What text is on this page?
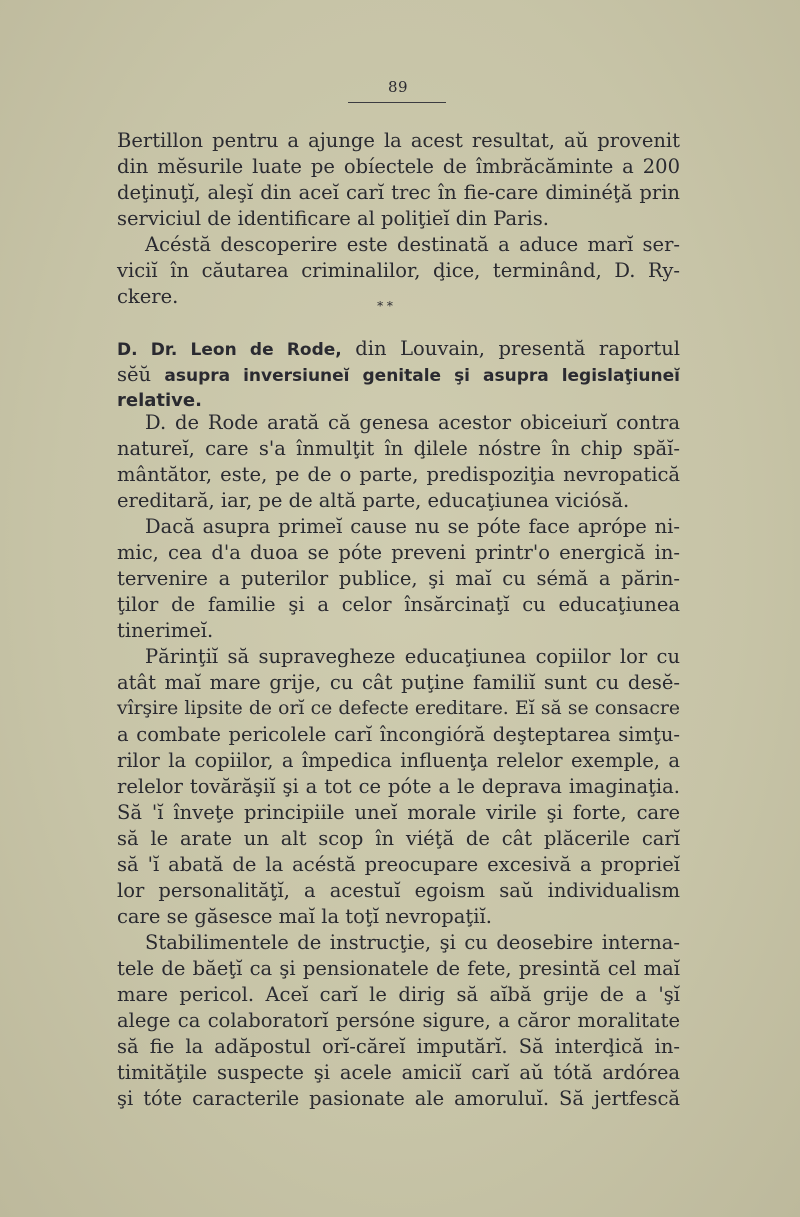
89
Bertillon pentru a ajunge la acest resultat, aŭ provenit
din mĕsurile luate pe obíectele de îmbrăcăminte a 200
deţinuţĭ, aleşĭ din aceĭ carĭ trec în fie-care diminéţă prin
serviciul de identificare al poliţieĭ din Paris.
Acéstă descoperire este destinată a aduce marĭ ser-
viciĭ în căutarea criminalilor, ḑice, terminând, D. Ry-
ckere.	* *
D. Dr. Leon de Rode, din Louvain, presentă raportul
sĕŭ asupra inversiuneĭ genitale şi asupra legislaţiuneĭ
relative.
D. de Rode arată că genesa acestor obiceiurĭ contra
natureĭ, care s'a înmulţit în ḑilele nóstre în chip spăĭ-
mântător, este, pe de o parte, predispoziţia nevropatică
ereditară, iar, pe de altă parte, educaţiunea viciósă.
Dacă asupra primeĭ cause nu se póte face aprópe ni-
mic, cea d'a duoa se póte preveni printr'o energică in-
tervenire a puterilor publice, şi maĭ cu sémă a părin-
ţilor de familie şi a celor însărcinaţĭ cu educaţiunea
tinerimeĭ.
Părinţiĭ să supravegheze educaţiunea copiilor lor cu
atât maĭ mare grije, cu cât puţine familiĭ sunt cu desĕ-
vîrşire lipsite de orĭ ce defecte ereditare. Eĭ să se consacre
a combate pericolele carĭ încongióră deşteptarea simţu-
rilor la copiilor, a împedica influenţa relelor exemple, a
relelor tovărăşiĭ şi a tot ce póte a le deprava imaginaţia.
Să 'ĭ înveţe principiile uneĭ morale virile şi forte, care
să le arate un alt scop în viéţă de cât plăcerile carĭ
să 'ĭ abată de la acéstă preocupare excesivă a proprieĭ
lor personalităţĭ, a acestuĭ egoism saŭ individualism
care se găsesce maĭ la toţĭ nevropaţiĭ.
Stabilimentele de instrucţie, şi cu deosebire interna-
tele de băeţĭ ca şi pensionatele de fete, presintă cel maĭ
mare pericol. Aceĭ carĭ le dirig să aĭbă grije de a 'şĭ
alege ca colaboratorĭ persóne sigure, a căror moralitate
să fie la adăpostul orĭ-căreĭ imputărĭ. Să interḑică in-
timităţile suspecte şi acele amiciĭ carĭ aŭ tótă ardórea
şi tóte caracterile pasionate ale amoruluĭ. Să jertfescă
